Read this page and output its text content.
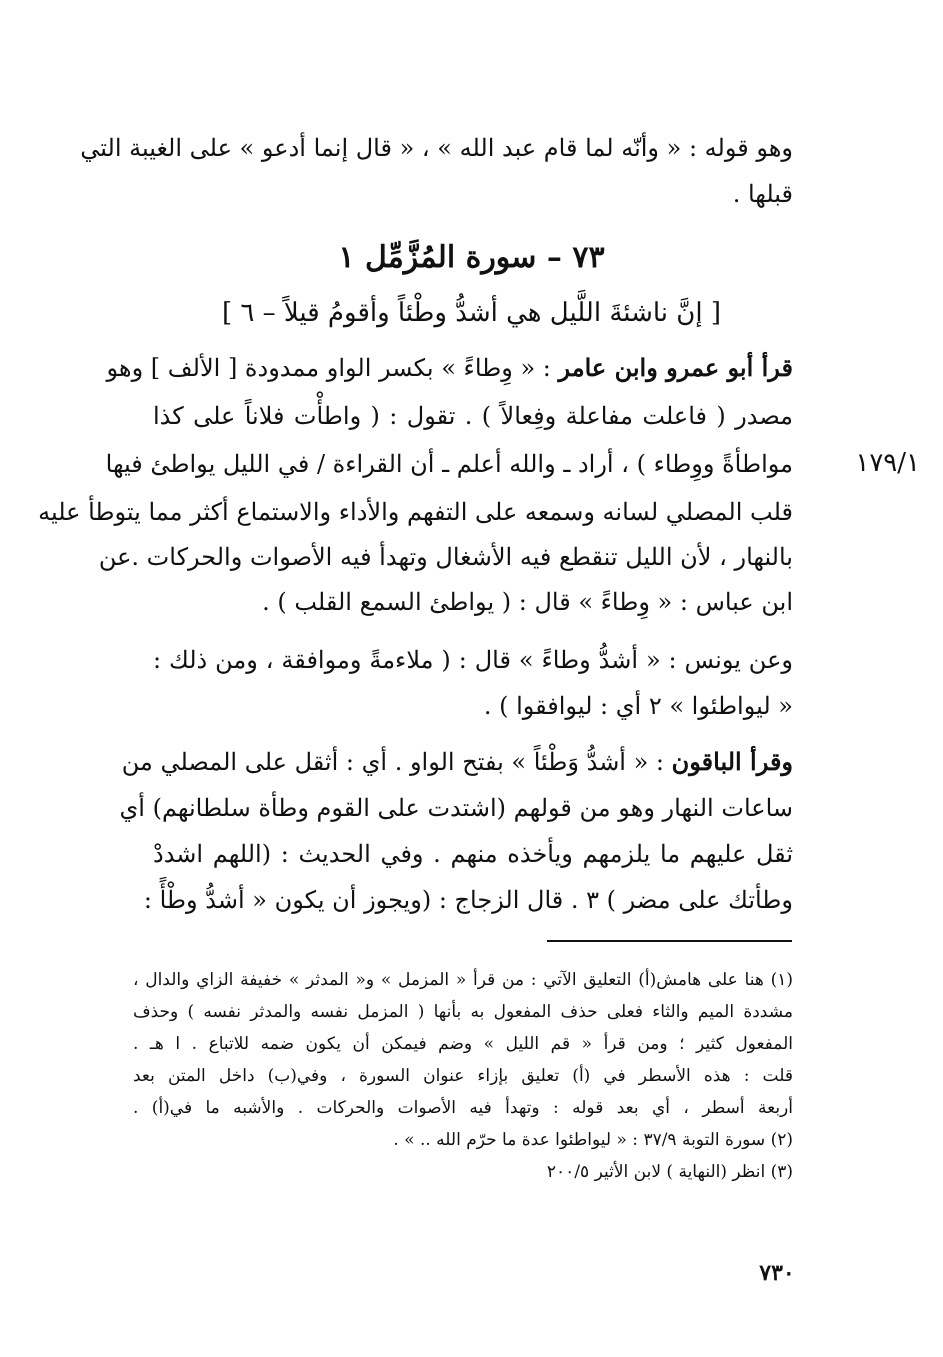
وهو قوله : « وأنّه لما قام عبد الله » ، « قال إنما أدعو » على الغيبة التي
قبلها .
٧٣ – سورة المُزَّمِّل ١
[ إنَّ ناشئةَ اللَّيل هي أشدُّ وطْئاً وأقومُ قيلاً – ٦ ]
١٧٩/١
قرأ أبو عمرو وابن عامر : « وِطاءً » بكسر الواو ممدودة [ الألف ] وهو
مصدر ( فاعلت مفاعلة وفِعالاً ) . تقول : ( واطأْت فلاناً على كذا
مواطأةً ووِطاء ) ، أراد ـ والله أعلم ـ أن القراءة / في الليل يواطئ فيها
قلب المصلي لسانه وسمعه على التفهم والأداء والاستماع أكثر مما يتوطأ عليه
بالنهار ، لأن الليل تنقطع فيه الأشغال وتهدأ فيه الأصوات والحركات .عن
ابن عباس : « وِطاءً » قال : ( يواطئ السمع القلب ) .
وعن يونس : « أشدُّ وطاءً » قال : ( ملاءمةً وموافقة ، ومن ذلك :
« ليواطئوا » ٢ أي : ليوافقوا ) .
وقرأ الباقون : « أشدُّ وَطْئاً » بفتح الواو . أي : أثقل على المصلي من
ساعات النهار وهو من قولهم (اشتدت على القوم وطأة سلطانهم) أي
ثقل عليهم ما يلزمهم ويأخذه منهم . وفي الحديث : (اللهم اشددْ
وطأتك على مضر ) ٣ . قال الزجاج : (ويجوز أن يكون « أشدُّ وطْأً :
(١) هنا على هامش(أ) التعليق الآتي : من قرأ « المزمل » و« المدثر » خفيفة الزاي والدال ،
مشددة الميم والثاء فعلى حذف المفعول به بأنها ( المزمل نفسه والمدثر نفسه ) وحذف
المفعول كثير ؛ ومن قرأ « قم الليل » وضم فيمكن أن يكون ضمه للاتباع . ا هـ .
قلت : هذه الأسطر في (أ) تعليق بإزاء عنوان السورة ، وفي(ب) داخل المتن بعد
أربعة أسطر ، أي بعد قوله : وتهدأ فيه الأصوات والحركات . والأشبه ما في(أ) .
(٢) سورة التوبة ٣٧/٩ : « ليواطئوا عدة ما حرّم الله .. » .
(٣) انظر (النهاية ) لابن الأثير ٢٠٠/٥
٧٣٠
